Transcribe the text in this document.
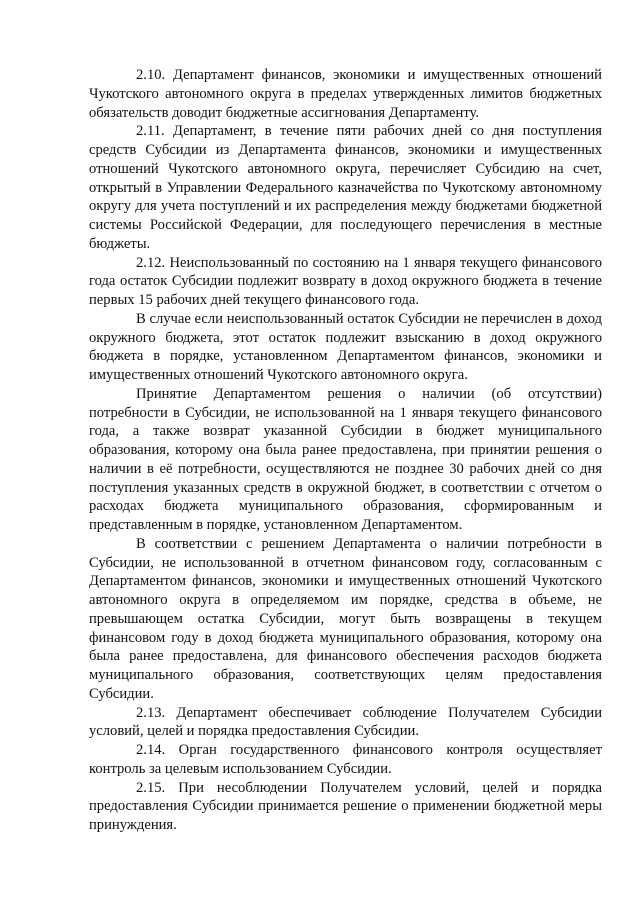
2.10. Департамент финансов, экономики и имущественных отношений Чукотского автономного округа в пределах утвержденных лимитов бюджетных обязательств доводит бюджетные ассигнования Департаменту.

2.11. Департамент, в течение пяти рабочих дней со дня поступления средств Субсидии из Департамента финансов, экономики и имущественных отношений Чукотского автономного округа, перечисляет Субсидию на счет, открытый в Управлении Федерального казначейства по Чукотскому автономному округу для учета поступлений и их распределения между бюджетами бюджетной системы Российской Федерации, для последующего перечисления в местные бюджеты.

2.12. Неиспользованный по состоянию на 1 января текущего финансового года остаток Субсидии подлежит возврату в доход окружного бюджета в течение первых 15 рабочих дней текущего финансового года.

В случае если неиспользованный остаток Субсидии не перечислен в доход окружного бюджета, этот остаток подлежит взысканию в доход окружного бюджета в порядке, установленном Департаментом финансов, экономики и имущественных отношений Чукотского автономного округа.

Принятие Департаментом решения о наличии (об отсутствии) потребности в Субсидии, не использованной на 1 января текущего финансового года, а также возврат указанной Субсидии в бюджет муниципального образования, которому она была ранее предоставлена, при принятии решения о наличии в её потребности, осуществляются не позднее 30 рабочих дней со дня поступления указанных средств в окружной бюджет, в соответствии с отчетом о расходах бюджета муниципального образования, сформированным и представленным в порядке, установленном Департаментом.

В соответствии с решением Департамента о наличии потребности в Субсидии, не использованной в отчетном финансовом году, согласованным с Департаментом финансов, экономики и имущественных отношений Чукотского автономного округа в определяемом им порядке, средства в объеме, не превышающем остатка Субсидии, могут быть возвращены в текущем финансовом году в доход бюджета муниципального образования, которому она была ранее предоставлена, для финансового обеспечения расходов бюджета муниципального образования, соответствующих целям предоставления Субсидии.

2.13. Департамент обеспечивает соблюдение Получателем Субсидии условий, целей и порядка предоставления Субсидии.

2.14. Орган государственного финансового контроля осуществляет контроль за целевым использованием Субсидии.

2.15. При несоблюдении Получателем условий, целей и порядка предоставления Субсидии принимается решение о применении бюджетной меры принуждения.
